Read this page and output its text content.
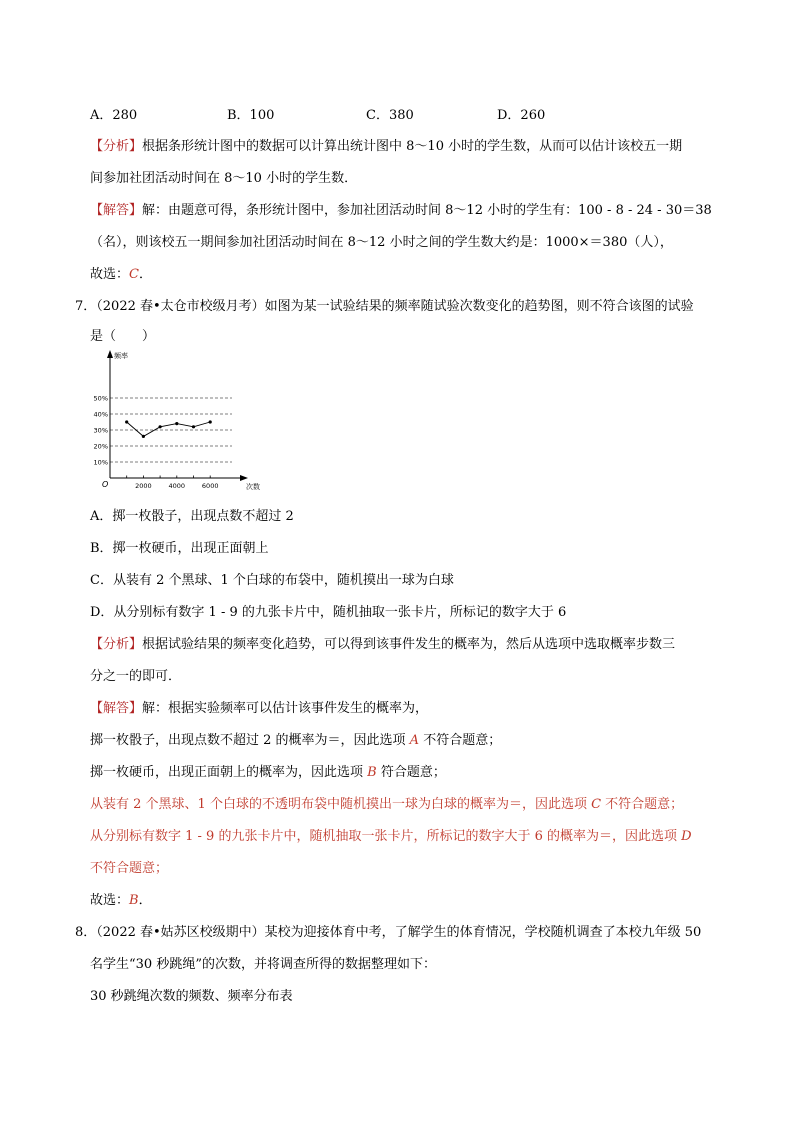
A．280	B．100	C．380	D．260
【分析】根据条形统计图中的数据可以计算出统计图中 8～10 小时的学生数，从而可以估计该校五一期
间参加社团活动时间在 8～10 小时的学生数．
【解答】解：由题意可得，条形统计图中，参加社团活动时间 8～12 小时的学生有：100 - 8 - 24 - 30＝38
（名），则该校五一期间参加社团活动时间在 8～12 小时之间的学生数大约是：1000×＝380（人），
故选：C．
7．（2022 春•太仓市校级月考）如图为某一试验结果的频率随试验次数变化的趋势图，则不符合该图的试验
是（　　）
频率
次数
O
10%
20%
30%
40%
50%
2000	4000	6000
A．掷一枚骰子，出现点数不超过 2
B．掷一枚硬币，出现正面朝上
C．从装有 2 个黑球、1 个白球的布袋中，随机摸出一球为白球
D．从分别标有数字 1 - 9 的九张卡片中，随机抽取一张卡片，所标记的数字大于 6
【分析】根据试验结果的频率变化趋势，可以得到该事件发生的概率为，然后从选项中选取概率步数三
分之一的即可．
【解答】解：根据实验频率可以估计该事件发生的概率为，
掷一枚骰子，出现点数不超过 2 的概率为＝，因此选项 A 不符合题意；
掷一枚硬币，出现正面朝上的概率为，因此选项 B 符合题意；
从装有 2 个黑球、1 个白球的不透明布袋中随机摸出一球为白球的概率为＝，因此选项 C 不符合题意；
从分别标有数字 1 - 9 的九张卡片中，随机抽取一张卡片，所标记的数字大于 6 的概率为＝，因此选项 D
不符合题意；
故选：B．
8．（2022 春•姑苏区校级期中）某校为迎接体育中考，了解学生的体育情况，学校随机调查了本校九年级 50
名学生“30 秒跳绳”的次数，并将调查所得的数据整理如下：
30 秒跳绳次数的频数、频率分布表
